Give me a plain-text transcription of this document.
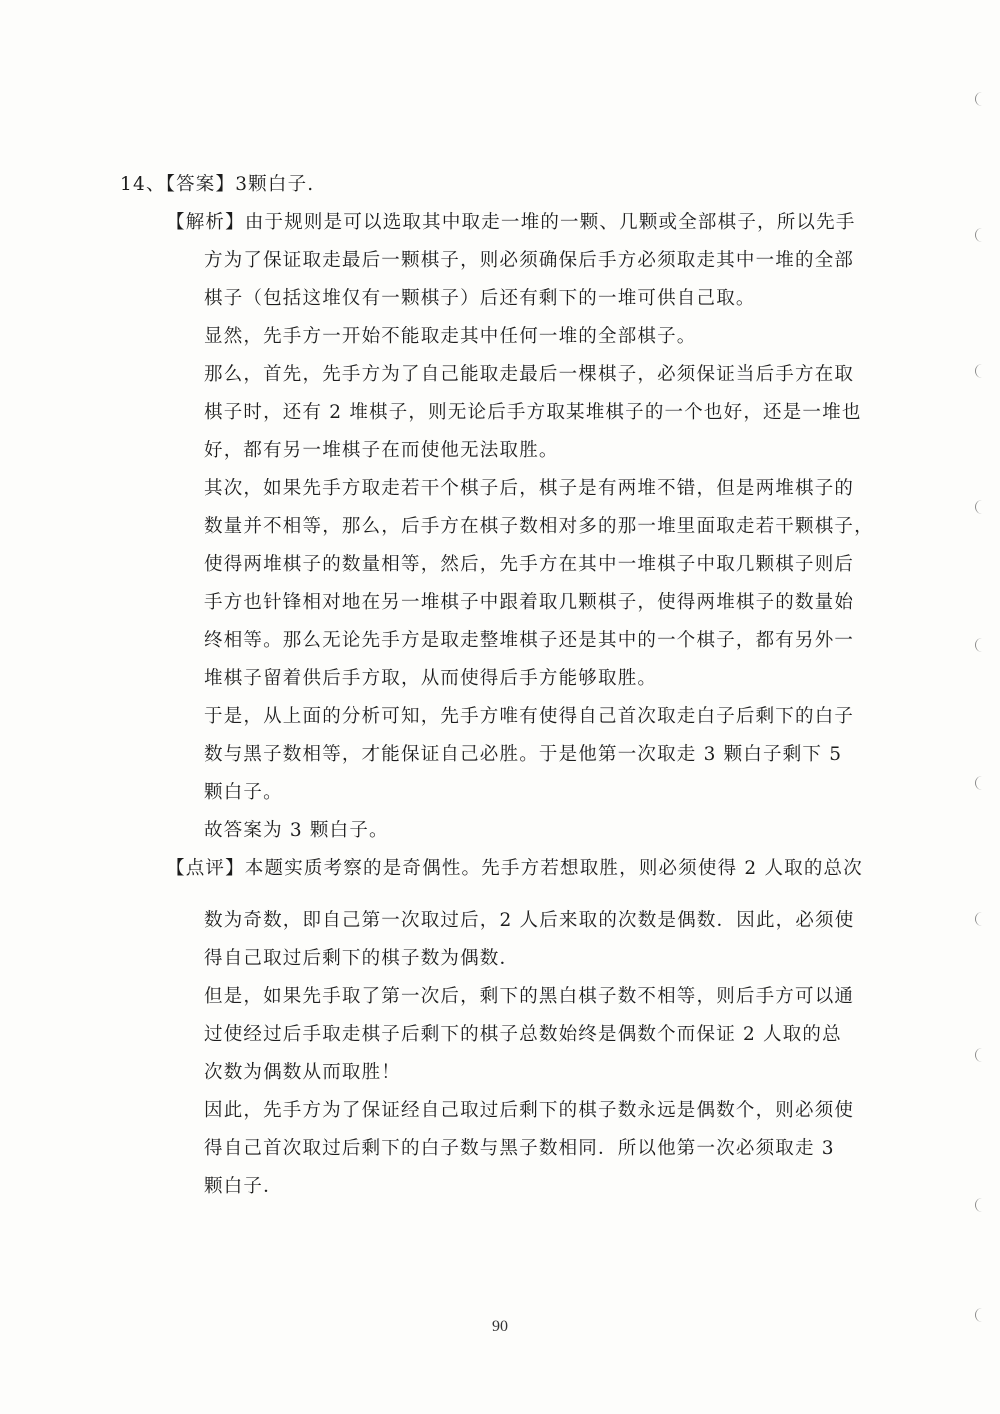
14、【答案】3颗白子.
【解析】由于规则是可以选取其中取走一堆的一颗、几颗或全部棋子，所以先手
方为了保证取走最后一颗棋子，则必须确保后手方必须取走其中一堆的全部
棋子（包括这堆仅有一颗棋子）后还有剩下的一堆可供自己取。
显然，先手方一开始不能取走其中任何一堆的全部棋子。
那么，首先，先手方为了自己能取走最后一棵棋子，必须保证当后手方在取
棋子时，还有 2 堆棋子，则无论后手方取某堆棋子的一个也好，还是一堆也
好，都有另一堆棋子在而使他无法取胜。
其次，如果先手方取走若干个棋子后，棋子是有两堆不错，但是两堆棋子的
数量并不相等，那么，后手方在棋子数相对多的那一堆里面取走若干颗棋子，
使得两堆棋子的数量相等，然后，先手方在其中一堆棋子中取几颗棋子则后
手方也针锋相对地在另一堆棋子中跟着取几颗棋子，使得两堆棋子的数量始
终相等。那么无论先手方是取走整堆棋子还是其中的一个棋子，都有另外一
堆棋子留着供后手方取，从而使得后手方能够取胜。
于是，从上面的分析可知，先手方唯有使得自己首次取走白子后剩下的白子
数与黑子数相等，才能保证自己必胜。于是他第一次取走 3 颗白子剩下 5
颗白子。
故答案为 3 颗白子。
【点评】本题实质考察的是奇偶性。先手方若想取胜，则必须使得 2 人取的总次
数为奇数，即自己第一次取过后，2 人后来取的次数是偶数．因此，必须使
得自己取过后剩下的棋子数为偶数．
但是，如果先手取了第一次后，剩下的黑白棋子数不相等，则后手方可以通
过使经过后手取走棋子后剩下的棋子总数始终是偶数个而保证 2 人取的总
次数为偶数从而取胜！
因此，先手方为了保证经自己取过后剩下的棋子数永远是偶数个，则必须使
得自己首次取过后剩下的白子数与黑子数相同．所以他第一次必须取走 3
颗白子．
90
